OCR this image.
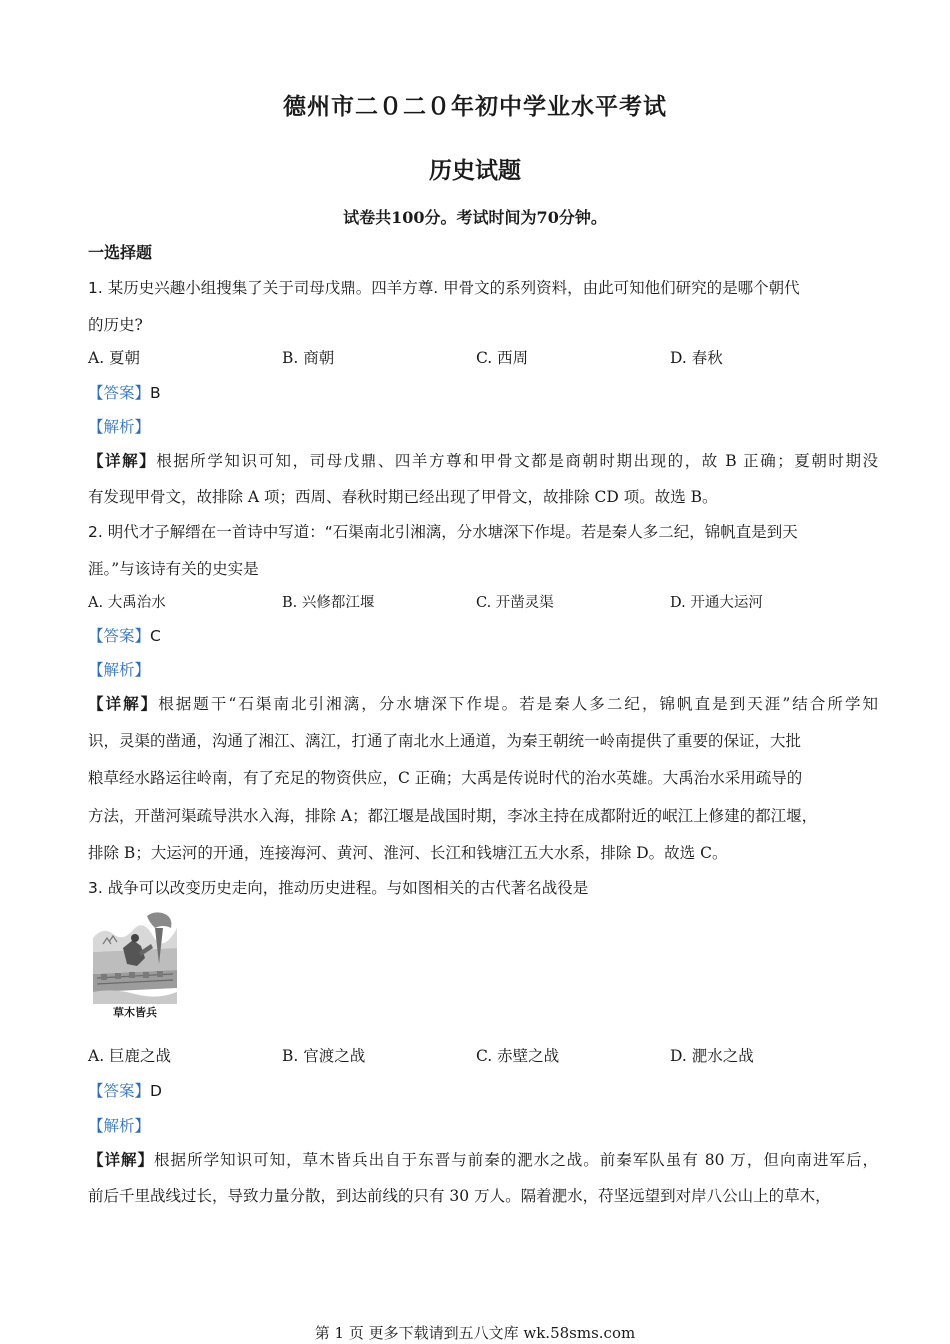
德州市二０二０年初中学业水平考试
历史试题
试卷共100分。考试时间为70分钟。
一选择题
1. 某历史兴趣小组搜集了关于司母戊鼎。四羊方尊. 甲骨文的系列资料，由此可知他们研究的是哪个朝代
的历史?
A. 夏朝	B. 商朝	C. 西周	D. 春秋
【答案】B
【解析】
【详解】根据所学知识可知，司母戊鼎、四羊方尊和甲骨文都是商朝时期出现的，故 B 正确；夏朝时期没
有发现甲骨文，故排除 A 项；西周、春秋时期已经出现了甲骨文，故排除 CD 项。故选 B。
2. 明代才子解缙在一首诗中写道：“石渠南北引湘漓，分水塘深下作堤。若是秦人多二纪，锦帆直是到天
涯。”与该诗有关的史实是
A. 大禹治水	B. 兴修都江堰	C. 开凿灵渠	D. 开通大运河
【答案】C
【解析】
【详解】根据题干“石渠南北引湘漓，分水塘深下作堤。若是秦人多二纪，锦帆直是到天涯”结合所学知
识，灵渠的凿通，沟通了湘江、漓江，打通了南北水上通道，为秦王朝统一岭南提供了重要的保证，大批
粮草经水路运往岭南，有了充足的物资供应，C 正确；大禹是传说时代的治水英雄。大禹治水采用疏导的
方法，开凿河渠疏导洪水入海，排除 A；都江堰是战国时期，李冰主持在成都附近的岷江上修建的都江堰，
排除 B；大运河的开通，连接海河、黄河、淮河、长江和钱塘江五大水系，排除 D。故选 C。
3. 战争可以改变历史走向，推动历史进程。与如图相关的古代著名战役是
草木皆兵
A. 巨鹿之战	B. 官渡之战	C. 赤壁之战	D. 淝水之战
【答案】D
【解析】
【详解】根据所学知识可知，草木皆兵出自于东晋与前秦的淝水之战。前秦军队虽有 80 万，但向南进军后，
前后千里战线过长，导致力量分散，到达前线的只有 30 万人。隔着淝水，苻坚远望到对岸八公山上的草木，
第 1 页 更多下载请到五八文库 wk.58sms.com
